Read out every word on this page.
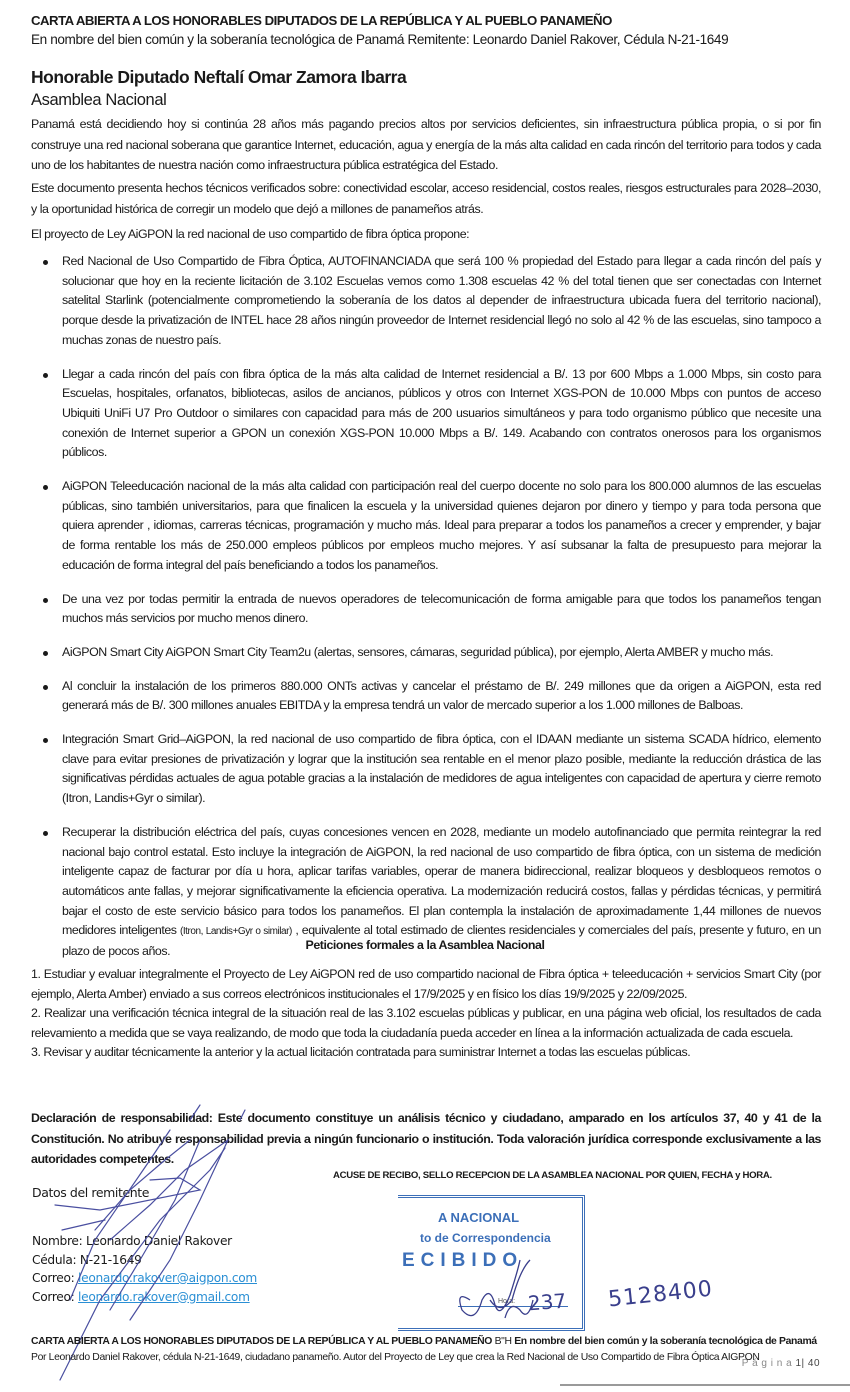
CARTA ABIERTA A LOS HONORABLES DIPUTADOS DE LA REPÚBLICA Y AL PUEBLO PANAMEÑO
En nombre del bien común y la soberanía tecnológica de Panamá Remitente: Leonardo Daniel Rakover, Cédula N-21-1649
Honorable Diputado Neftalí Omar Zamora Ibarra
Asamblea Nacional
Panamá está decidiendo hoy si continúa 28 años más pagando precios altos por servicios deficientes, sin infraestructura pública propia, o si por fin construye una red nacional soberana que garantice Internet, educación, agua y energía de la más alta calidad en cada rincón del territorio para todos y cada uno de los habitantes de nuestra nación como infraestructura pública estratégica del Estado.
Este documento presenta hechos técnicos verificados sobre: conectividad escolar, acceso residencial, costos reales, riesgos estructurales para 2028–2030, y la oportunidad histórica de corregir un modelo que dejó a millones de panameños atrás.
El proyecto de Ley AiGPON la red nacional de uso compartido de fibra óptica propone:
Red Nacional de Uso Compartido de Fibra Óptica, AUTOFINANCIADA que será 100 % propiedad del Estado para llegar a cada rincón del país y solucionar que hoy en la reciente licitación de 3.102 Escuelas vemos como 1.308 escuelas 42 % del total tienen que ser conectadas con Internet satelital Starlink (potencialmente comprometiendo la soberanía de los datos al depender de infraestructura ubicada fuera del territorio nacional), porque desde la privatización de INTEL hace 28 años ningún proveedor de Internet residencial llegó no solo al 42 % de las escuelas, sino tampoco a muchas zonas de nuestro país.
Llegar a cada rincón del país con fibra óptica de la más alta calidad de Internet residencial a B/. 13 por 600 Mbps a 1.000 Mbps, sin costo para Escuelas, hospitales, orfanatos, bibliotecas, asilos de ancianos, públicos y otros con Internet XGS-PON de 10.000 Mbps con puntos de acceso Ubiquiti UniFi U7 Pro Outdoor o similares con capacidad para más de 200 usuarios simultáneos y para todo organismo público que necesite una conexión de Internet superior a GPON un conexión XGS-PON 10.000 Mbps a B/. 149. Acabando con contratos onerosos para los organismos públicos.
AiGPON Teleeducación nacional de la más alta calidad con participación real del cuerpo docente no solo para los 800.000 alumnos de las escuelas públicas, sino también universitarios, para que finalicen la escuela y la universidad quienes dejaron por dinero y tiempo y para toda persona que quiera aprender , idiomas, carreras técnicas, programación y mucho más. Ideal para preparar a todos los panameños a crecer y emprender, y bajar de forma rentable los más de 250.000 empleos públicos por empleos mucho mejores. Y así subsanar la falta de presupuesto para mejorar la educación de forma integral del país beneficiando a todos los panameños.
De una vez por todas permitir la entrada de nuevos operadores de telecomunicación de forma amigable para que todos los panameños tengan muchos más servicios por mucho menos dinero.
AiGPON Smart City AiGPON Smart City Team2u (alertas, sensores, cámaras, seguridad pública), por ejemplo, Alerta AMBER y mucho más.
Al concluir la instalación de los primeros 880.000 ONTs activas y cancelar el préstamo de B/. 249 millones que da origen a AiGPON, esta red generará más de B/. 300 millones anuales EBITDA y la empresa tendrá un valor de mercado superior a los 1.000 millones de Balboas.
Integración Smart Grid–AiGPON, la red nacional de uso compartido de fibra óptica, con el IDAAN mediante un sistema SCADA hídrico, elemento clave para evitar presiones de privatización y lograr que la institución sea rentable en el menor plazo posible, mediante la reducción drástica de las significativas pérdidas actuales de agua potable gracias a la instalación de medidores de agua inteligentes con capacidad de apertura y cierre remoto (Itron, Landis+Gyr o similar).
Recuperar la distribución eléctrica del país, cuyas concesiones vencen en 2028, mediante un modelo autofinanciado que permita reintegrar la red nacional bajo control estatal. Esto incluye la integración de AiGPON, la red nacional de uso compartido de fibra óptica, con un sistema de medición inteligente capaz de facturar por día u hora, aplicar tarifas variables, operar de manera bidireccional, realizar bloqueos y desbloqueos remotos o automáticos ante fallas, y mejorar significativamente la eficiencia operativa. La modernización reducirá costos, fallas y pérdidas técnicas, y permitirá bajar el costo de este servicio básico para todos los panameños. El plan contempla la instalación de aproximadamente 1,44 millones de nuevos medidores inteligentes (Itron, Landis+Gyr o similar) , equivalente al total estimado de clientes residenciales y comerciales del país, presente y futuro, en un plazo de pocos años.	Peticiones formales a la Asamblea Nacional
1. Estudiar y evaluar integralmente el Proyecto de Ley AiGPON red de uso compartido nacional de Fibra óptica + teleeducación + servicios Smart City (por ejemplo, Alerta Amber) enviado a sus correos electrónicos institucionales el 17/9/2025 y en físico los días 19/9/2025 y 22/09/2025.
2. Realizar una verificación técnica integral de la situación real de las 3.102 escuelas públicas y publicar, en una página web oficial, los resultados de cada relevamiento a medida que se vaya realizando, de modo que toda la ciudadanía pueda acceder en línea a la información actualizada de cada escuela.
3. Revisar y auditar técnicamente la anterior y la actual licitación contratada para suministrar Internet a todas las escuelas públicas.
Declaración de responsabilidad: Este documento constituye un análisis técnico y ciudadano, amparado en los artículos 37, 40 y 41 de la Constitución. No atribuye responsabilidad previa a ningún funcionario o institución. Toda valoración jurídica corresponde exclusivamente a las autoridades competentes.
ACUSE DE RECIBO, SELLO RECEPCION DE LA ASAMBLEA NACIONAL POR QUIEN, FECHA y HORA.
Datos del remitente
Nombre: Leonardo Daniel Rakover
Cédula: N-21-1649
Correo: leonardo.rakover@aigpon.com
Correo: leonardo.rakover@gmail.com
A NACIONAL
to de Correspondencia
ECIBIDO
Hora: 237 5128400
CARTA ABIERTA A LOS HONORABLES DIPUTADOS DE LA REPÚBLICA Y AL PUEBLO PANAMEÑO B"H En nombre del bien común y la soberanía tecnológica de Panamá Por Leonardo Daniel Rakover, cédula N-21-1649, ciudadano panameño. Autor del Proyecto de Ley que crea la Red Nacional de Uso Compartido de Fibra Óptica AIGPON
P á g i n a 1| 40
